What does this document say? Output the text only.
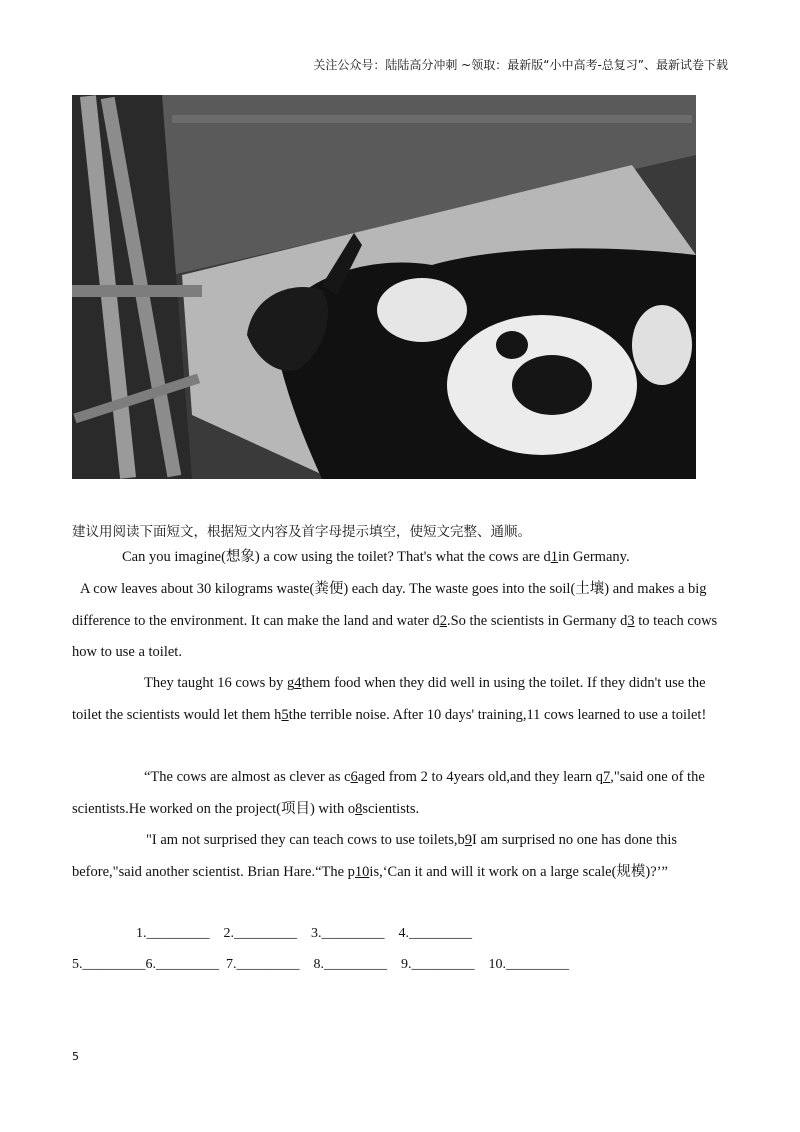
关注公众号：陆陆高分冲刺 ~领取：最新版“小中高考-总复习”、最新试卷下载
建议用阅读下面短文，根据短文内容及首字母提示填空，使短文完整、通顺。

Can you imagine(想象) a cow using the toilet? That's what the cows are d1in Germany.

A cow leaves about 30 kilograms waste(粪便) each day. The waste goes into the soil(土壤) and makes a big difference to the environment. It can make the land and water d2.So the scientists in Germany d3 to teach cows how to use a toilet.

They taught 16 cows by g4them food when they did well in using the toilet. If they didn't use the toilet the scientists would let them h5the terrible noise. After 10 days' training,11 cows learned to use a toilet!

“The cows are almost as clever as c6aged from 2 to 4years old,and they learn q7,"said one of the scientists.He worked on the project(项目) with o8scientists.

"I am not surprised they can teach cows to use toilets,b9I am surprised no one has done this before,"said another scientist. Brian Hare.“The p10is,‘Can it and will it work on a large scale(规模)?’”

1._________    2._________    3._________    4._________
5._________6._________  7._________    8._________    9._________    10._________
5
